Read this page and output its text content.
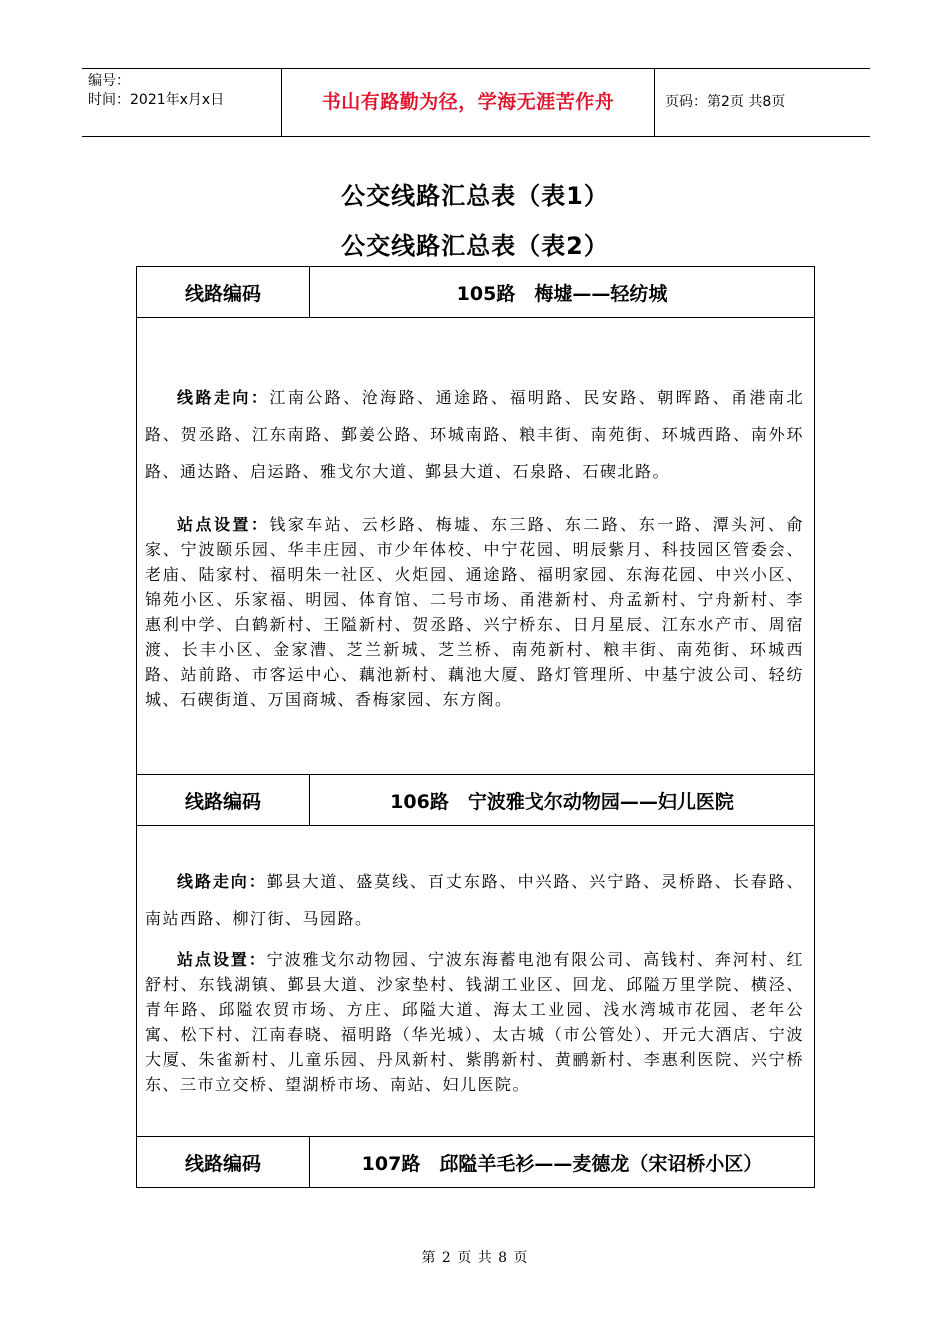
编号：
时间：2021年x月x日	书山有路勤为径，学海无涯苦作舟	页码：第2页 共8页
公交线路汇总表（表1）
公交线路汇总表（表2）
线路编码	105路　梅墟——轻纺城

线路走向：江南公路、沧海路、通途路、福明路、民安路、朝晖路、甬港南北路、贺丞路、江东南路、鄞姜公路、环城南路、粮丰街、南苑街、环城西路、南外环路、通达路、启运路、雅戈尔大道、鄞县大道、石泉路、石碶北路。

站点设置：钱家车站、云杉路、梅墟、东三路、东二路、东一路、潭头河、俞家、宁波颐乐园、华丰庄园、市少年体校、中宁花园、明辰紫月、科技园区管委会、老庙、陆家村、福明朱一社区、火炬园、通途路、福明家园、东海花园、中兴小区、锦苑小区、乐家福、明园、体育馆、二号市场、甬港新村、舟孟新村、宁舟新村、李惠利中学、白鹤新村、王隘新村、贺丞路、兴宁桥东、日月星辰、江东水产市、周宿渡、长丰小区、金家漕、芝兰新城、芝兰桥、南苑新村、粮丰街、南苑街、环城西路、站前路、市客运中心、藕池新村、藕池大厦、路灯管理所、中基宁波公司、轻纺城、石碶街道、万国商城、香梅家园、东方阁。	

线路编码	106路　宁波雅戈尔动物园——妇儿医院

线路走向：鄞县大道、盛莫线、百丈东路、中兴路、兴宁路、灵桥路、长春路、南站西路、柳汀街、马园路。

站点设置：宁波雅戈尔动物园、宁波东海蓄电池有限公司、高钱村、奔河村、红舒村、东钱湖镇、鄞县大道、沙家垫村、钱湖工业区、回龙、邱隘万里学院、横泾、青年路、邱隘农贸市场、方庄、邱隘大道、海太工业园、浅水湾城市花园、老年公寓、松下村、江南春晓、福明路（华光城）、太古城（市公管处）、开元大酒店、宁波大厦、朱雀新村、儿童乐园、丹凤新村、紫鹃新村、黄鹂新村、李惠利医院、兴宁桥东、三市立交桥、望湖桥市场、南站、妇儿医院。	

线路编码	107路　邱隘羊毛衫——麦德龙（宋诏桥小区）
第 2 页 共 8 页
